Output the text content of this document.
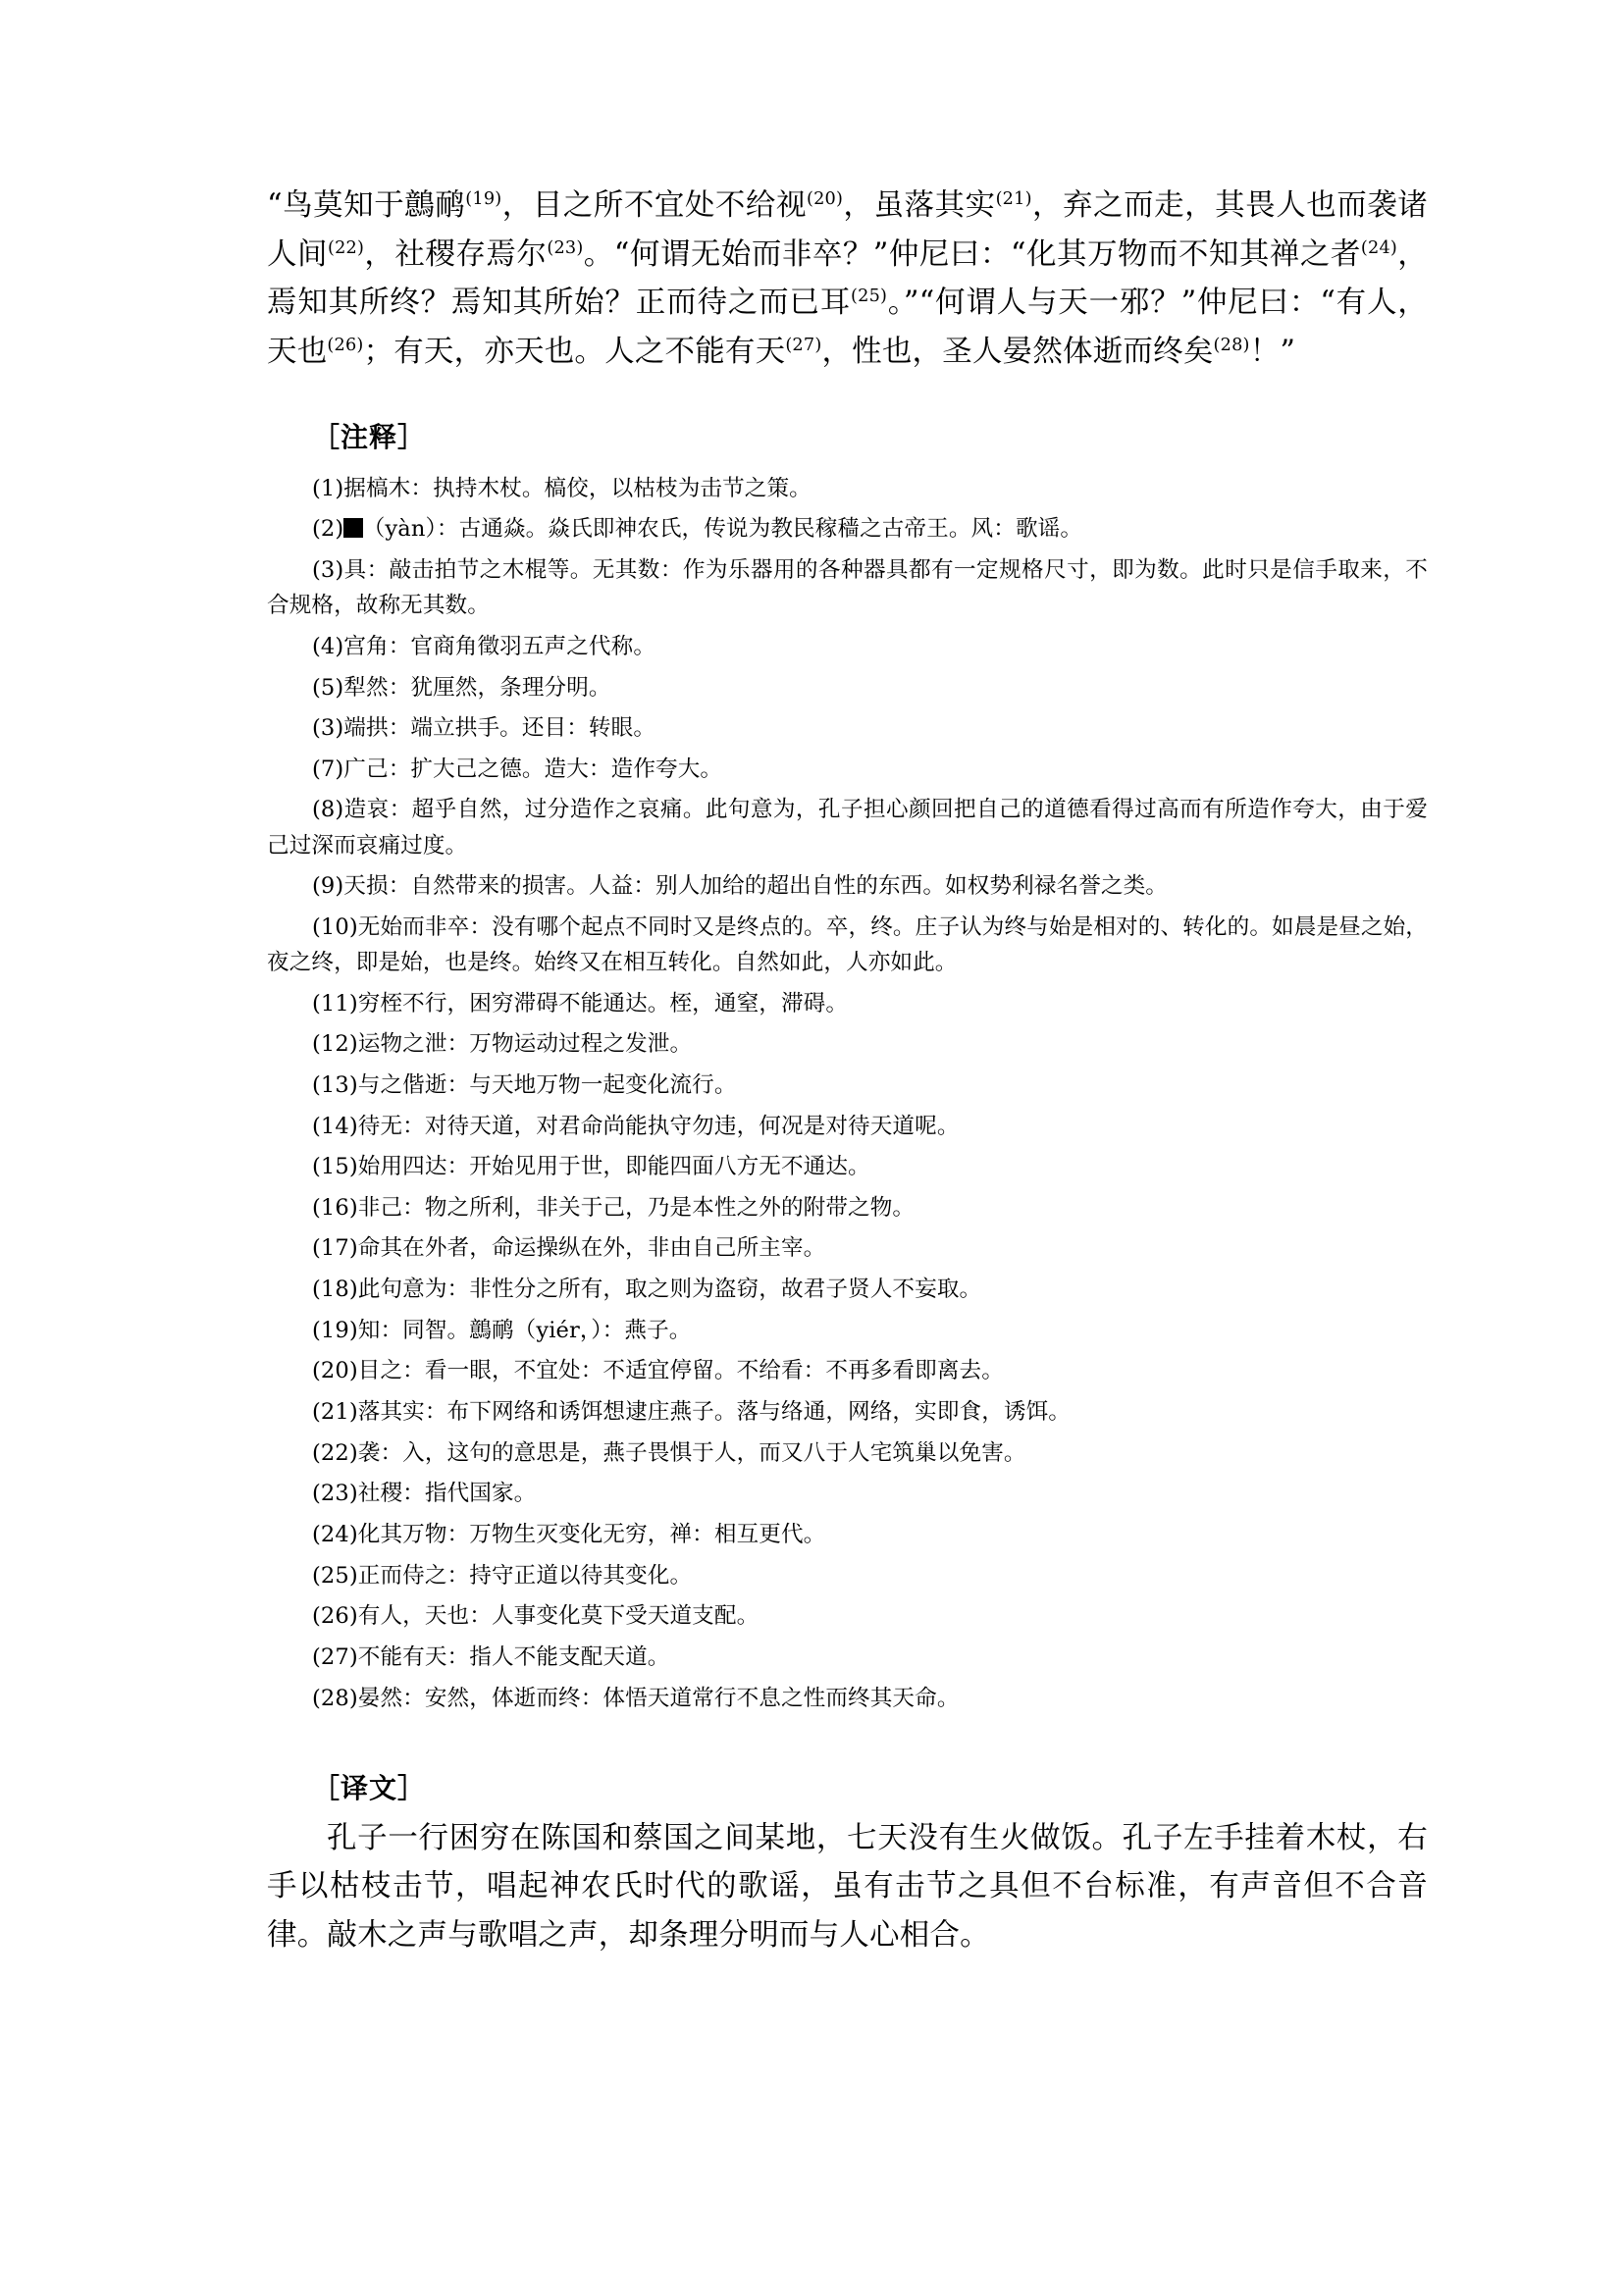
“鸟莫知于鷾鸸$^{(19)}$，目之所不宜处不给视$^{(20)}$，虽落其实$^{(21)}$，弃之而走，其畏人也而袭诸人间$^{(22)}$，社稷存焉尔$^{(23)}$。“何谓无始而非卒？”仲尼曰：“化其万物而不知其禅之者$^{(24)}$，焉知其所终？焉知其所始？正而待之而已耳$^{(25)}$。”“何谓人与天一邪？”仲尼曰：“有人，天也$^{(26)}$；有天，亦天也。人之不能有天$^{(27)}$，性也，圣人晏然体逝而终矣$^{(28)}$！”

［注释］

(1)据槁木：执持木杖。槁佼，以枯枝为击节之策。

(2) （yàn）：古通焱。焱氏即神农氏，传说为教民稼穑之古帝王。风：歌谣。

(3)具：敲击拍节之木棍等。无其数：作为乐器用的各种器具都有一定规格尺寸，即为数。此时只是信手取来，不合规格，故称无其数。

(4)宫角：官商角徵羽五声之代称。

(5)犁然：犹厘然，条理分明。

(3)端拱：端立拱手。还目：转眼。

(7)广己：扩大己之德。造大：造作夸大。

(8)造哀：超乎自然，过分造作之哀痛。此句意为，孔子担心颜回把自己的道德看得过高而有所造作夸大，由于爱己过深而哀痛过度。

(9)天损：自然带来的损害。人益：别人加给的超出自性的东西。如权势利禄名誉之类。

(10)无始而非卒：没有哪个起点不同时又是终点的。卒，终。庄子认为终与始是相对的、转化的。如晨是昼之始，夜之终，即是始，也是终。始终又在相互转化。自然如此，人亦如此。

(11)穷桎不行，困穷滞碍不能通达。桎，通窒，滞碍。

(12)运物之泄：万物运动过程之发泄。

(13)与之偕逝：与天地万物一起变化流行。

(14)待无：对待天道，对君命尚能执守勿违，何况是对待天道呢。

(15)始用四达：开始见用于世，即能四面八方无不通达。

(16)非己：物之所利，非关于己，乃是本性之外的附带之物。

(17)命其在外者，命运操纵在外，非由自己所主宰。

(18)此句意为：非性分之所有，取之则为盗窃，故君子贤人不妄取。

(19)知：同智。鷾鸸（yiér，）：燕子。

(20)目之：看一眼，不宜处：不适宜停留。不给看：不再多看即离去。

(21)落其实：布下网络和诱饵想逮庄燕子。落与络通，网络，实即食，诱饵。

(22)袭：入，这句的意思是，燕子畏惧于人，而又八于人宅筑巢以免害。

(23)社稷：指代国家。

(24)化其万物：万物生灭变化无穷，禅：相互更代。

(25)正而侍之：持守正道以待其变化。

(26)有人，天也：人事变化莫下受天道支配。

(27)不能有天：指人不能支配天道。

(28)晏然：安然，体逝而终：体悟天道常行不息之性而终其天命。

［译文］

孔子一行困穷在陈国和蔡国之间某地，七天没有生火做饭。孔子左手挂着木杖，右手以枯枝击节，唱起神农氏时代的歌谣，虽有击节之具但不台标准，有声音但不合音律。敲木之声与歌唱之声，却条理分明而与人心相合。
